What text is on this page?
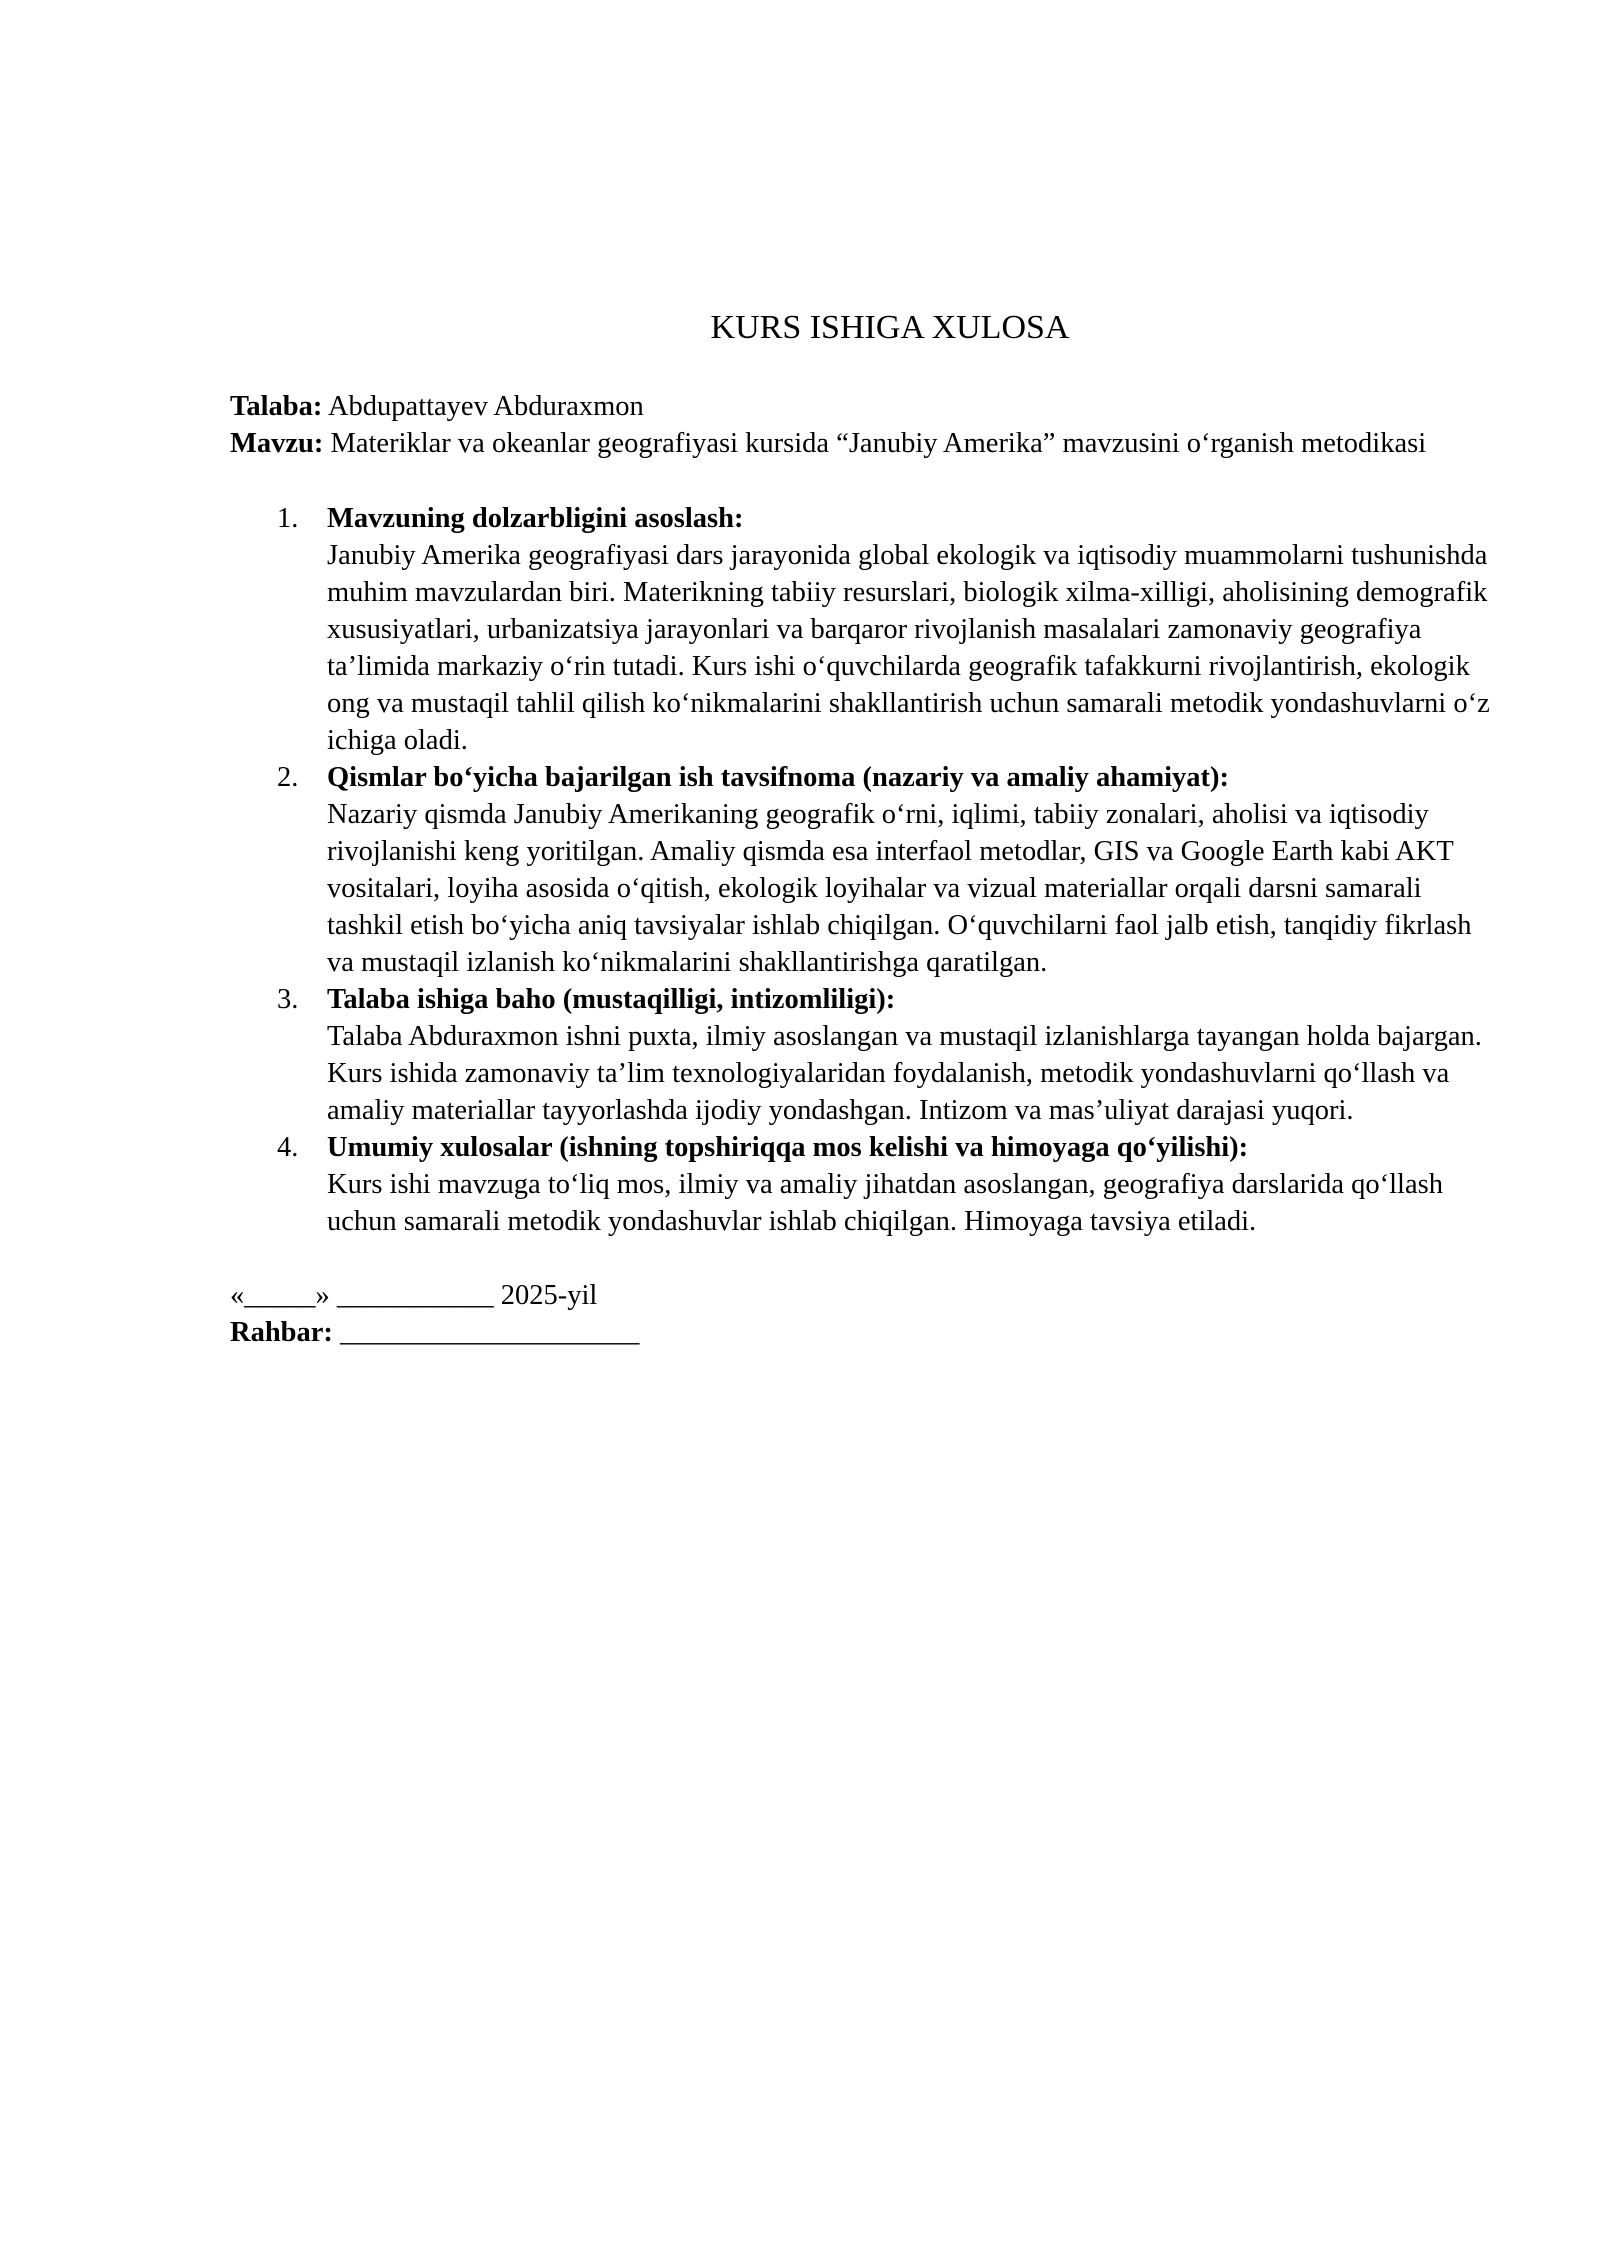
KURS ISHIGA XULOSA

Talaba: Abdupattayev Abduraxmon

Mavzu: Materiklar va okeanlar geografiyasi kursida “Janubiy Amerika” mavzusini o‘rganish metodikasi

1.	Mavzuning dolzarbligini asoslash:
Janubiy Amerika geografiyasi dars jarayonida global ekologik va iqtisodiy muammolarni tushunishda muhim mavzulardan biri. Materikning tabiiy resurslari, biologik xilma-xilligi, aholisining demografik xususiyatlari, urbanizatsiya jarayonlari va barqaror rivojlanish masalalari zamonaviy geografiya ta’limida markaziy o‘rin tutadi. Kurs ishi o‘quvchilarda geografik tafakkurni rivojlantirish, ekologik ong va mustaqil tahlil qilish ko‘nikmalarini shakllantirish uchun samarali metodik yondashuvlarni o‘z ichiga oladi.
2.	Qismlar bo‘yicha bajarilgan ish tavsifnoma (nazariy va amaliy ahamiyat):
Nazariy qismda Janubiy Amerikaning geografik o‘rni, iqlimi, tabiiy zonalari, aholisi va iqtisodiy rivojlanishi keng yoritilgan. Amaliy qismda esa interfaol metodlar, GIS va Google Earth kabi AKT vositalari, loyiha asosida o‘qitish, ekologik loyihalar va vizual materiallar orqali darsni samarali tashkil etish bo‘yicha aniq tavsiyalar ishlab chiqilgan. O‘quvchilarni faol jalb etish, tanqidiy fikrlash va mustaqil izlanish ko‘nikmalarini shakllantirishga qaratilgan.
3.	Talaba ishiga baho (mustaqilligi, intizomliligi):
Talaba Abduraxmon ishni puxta, ilmiy asoslangan va mustaqil izlanishlarga tayangan holda bajargan. Kurs ishida zamonaviy ta’lim texnologiyalaridan foydalanish, metodik yondashuvlarni qo‘llash va amaliy materiallar tayyorlashda ijodiy yondashgan. Intizom va mas’uliyat darajasi yuqori.
4.	Umumiy xulosalar (ishning topshiriqqa mos kelishi va himoyaga qo‘yilishi):
Kurs ishi mavzuga to‘liq mos, ilmiy va amaliy jihatdan asoslangan, geografiya darslarida qo‘llash uchun samarali metodik yondashuvlar ishlab chiqilgan. Himoyaga tavsiya etiladi.

«_____» ___________ 2025-yil

Rahbar: _____________________
